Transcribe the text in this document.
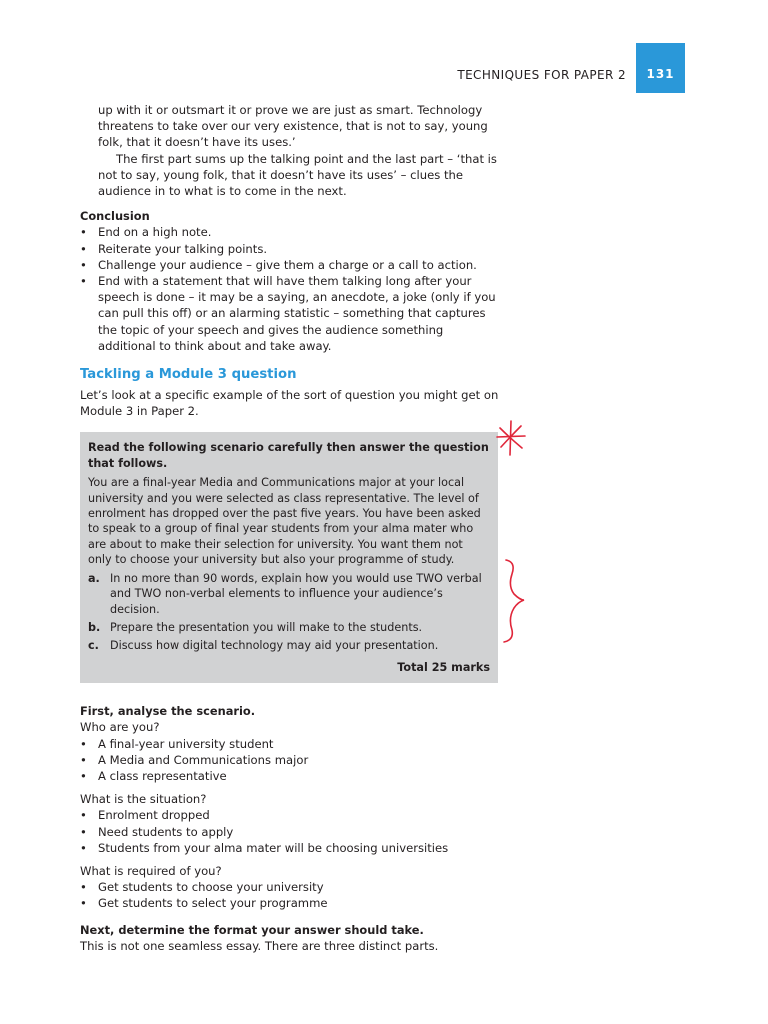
TECHNIQUES FOR PAPER 2 131

up with it or outsmart it or prove we are just as smart. Technology threatens to take over our very existence, that is not to say, young folk, that it doesn’t have its uses.’

The first part sums up the talking point and the last part – ‘that is not to say, young folk, that it doesn’t have its uses’ – clues the audience in to what is to come in the next.

Conclusion

• End on a high note.
• Reiterate your talking points.
• Challenge your audience – give them a charge or a call to action.
• End with a statement that will have them talking long after your speech is done – it may be a saying, an anecdote, a joke (only if you can pull this off) or an alarming statistic – something that captures the topic of your speech and gives the audience something additional to think about and take away.

Tackling a Module 3 question

Let’s look at a specific example of the sort of question you might get on Module 3 in Paper 2.

Read the following scenario carefully then answer the question that follows.

You are a final-year Media and Communications major at your local university and you were selected as class representative. The level of enrolment has dropped over the past five years. You have been asked to speak to a group of final year students from your alma mater who are about to make their selection for university. You want them not only to choose your university but also your programme of study.

a. In no more than 90 words, explain how you would use TWO verbal and TWO non-verbal elements to influence your audience’s decision.
b. Prepare the presentation you will make to the students.
c. Discuss how digital technology may aid your presentation.

Total 25 marks

First, analyse the scenario.

Who are you?

• A final-year university student
• A Media and Communications major
• A class representative

What is the situation?

• Enrolment dropped
• Need students to apply
• Students from your alma mater will be choosing universities

What is required of you?

• Get students to choose your university
• Get students to select your programme

Next, determine the format your answer should take.

This is not one seamless essay. There are three distinct parts.
